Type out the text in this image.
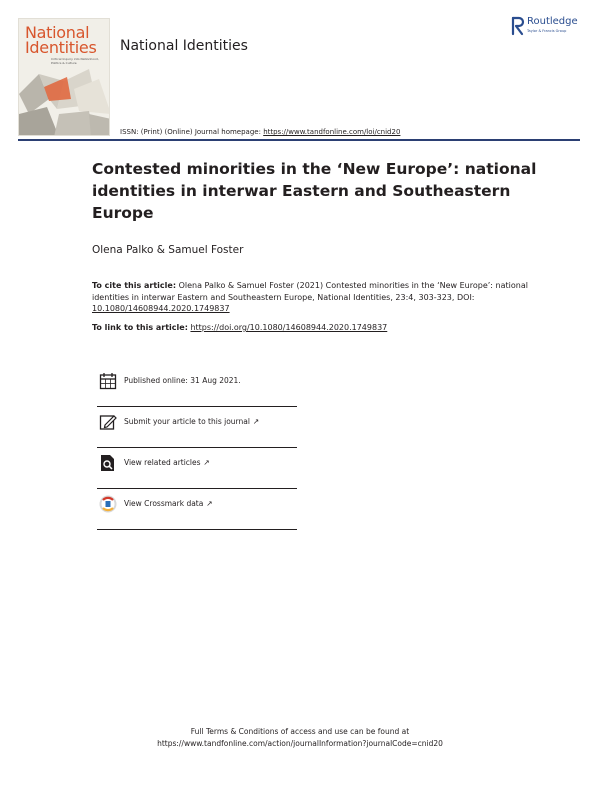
National Identities
Critical Inquiry into Nationhood, Politics & Culture
National Identities
Routledge
Taylor & Francis Group
ISSN: (Print) (Online) Journal homepage: https://www.tandfonline.com/loi/cnid20
Contested minorities in the ‘New Europe’: national identities in interwar Eastern and Southeastern Europe
Olena Palko & Samuel Foster
To cite this article: Olena Palko & Samuel Foster (2021) Contested minorities in the ‘New Europe’: national identities in interwar Eastern and Southeastern Europe, National Identities, 23:4, 303-323, DOI: 10.1080/14608944.2020.1749837
To link to this article: https://doi.org/10.1080/14608944.2020.1749837
Published online: 31 Aug 2021.
Submit your article to this journal ↗
View related articles ↗
View Crossmark data ↗
Full Terms & Conditions of access and use can be found at
https://www.tandfonline.com/action/journalInformation?journalCode=cnid20
